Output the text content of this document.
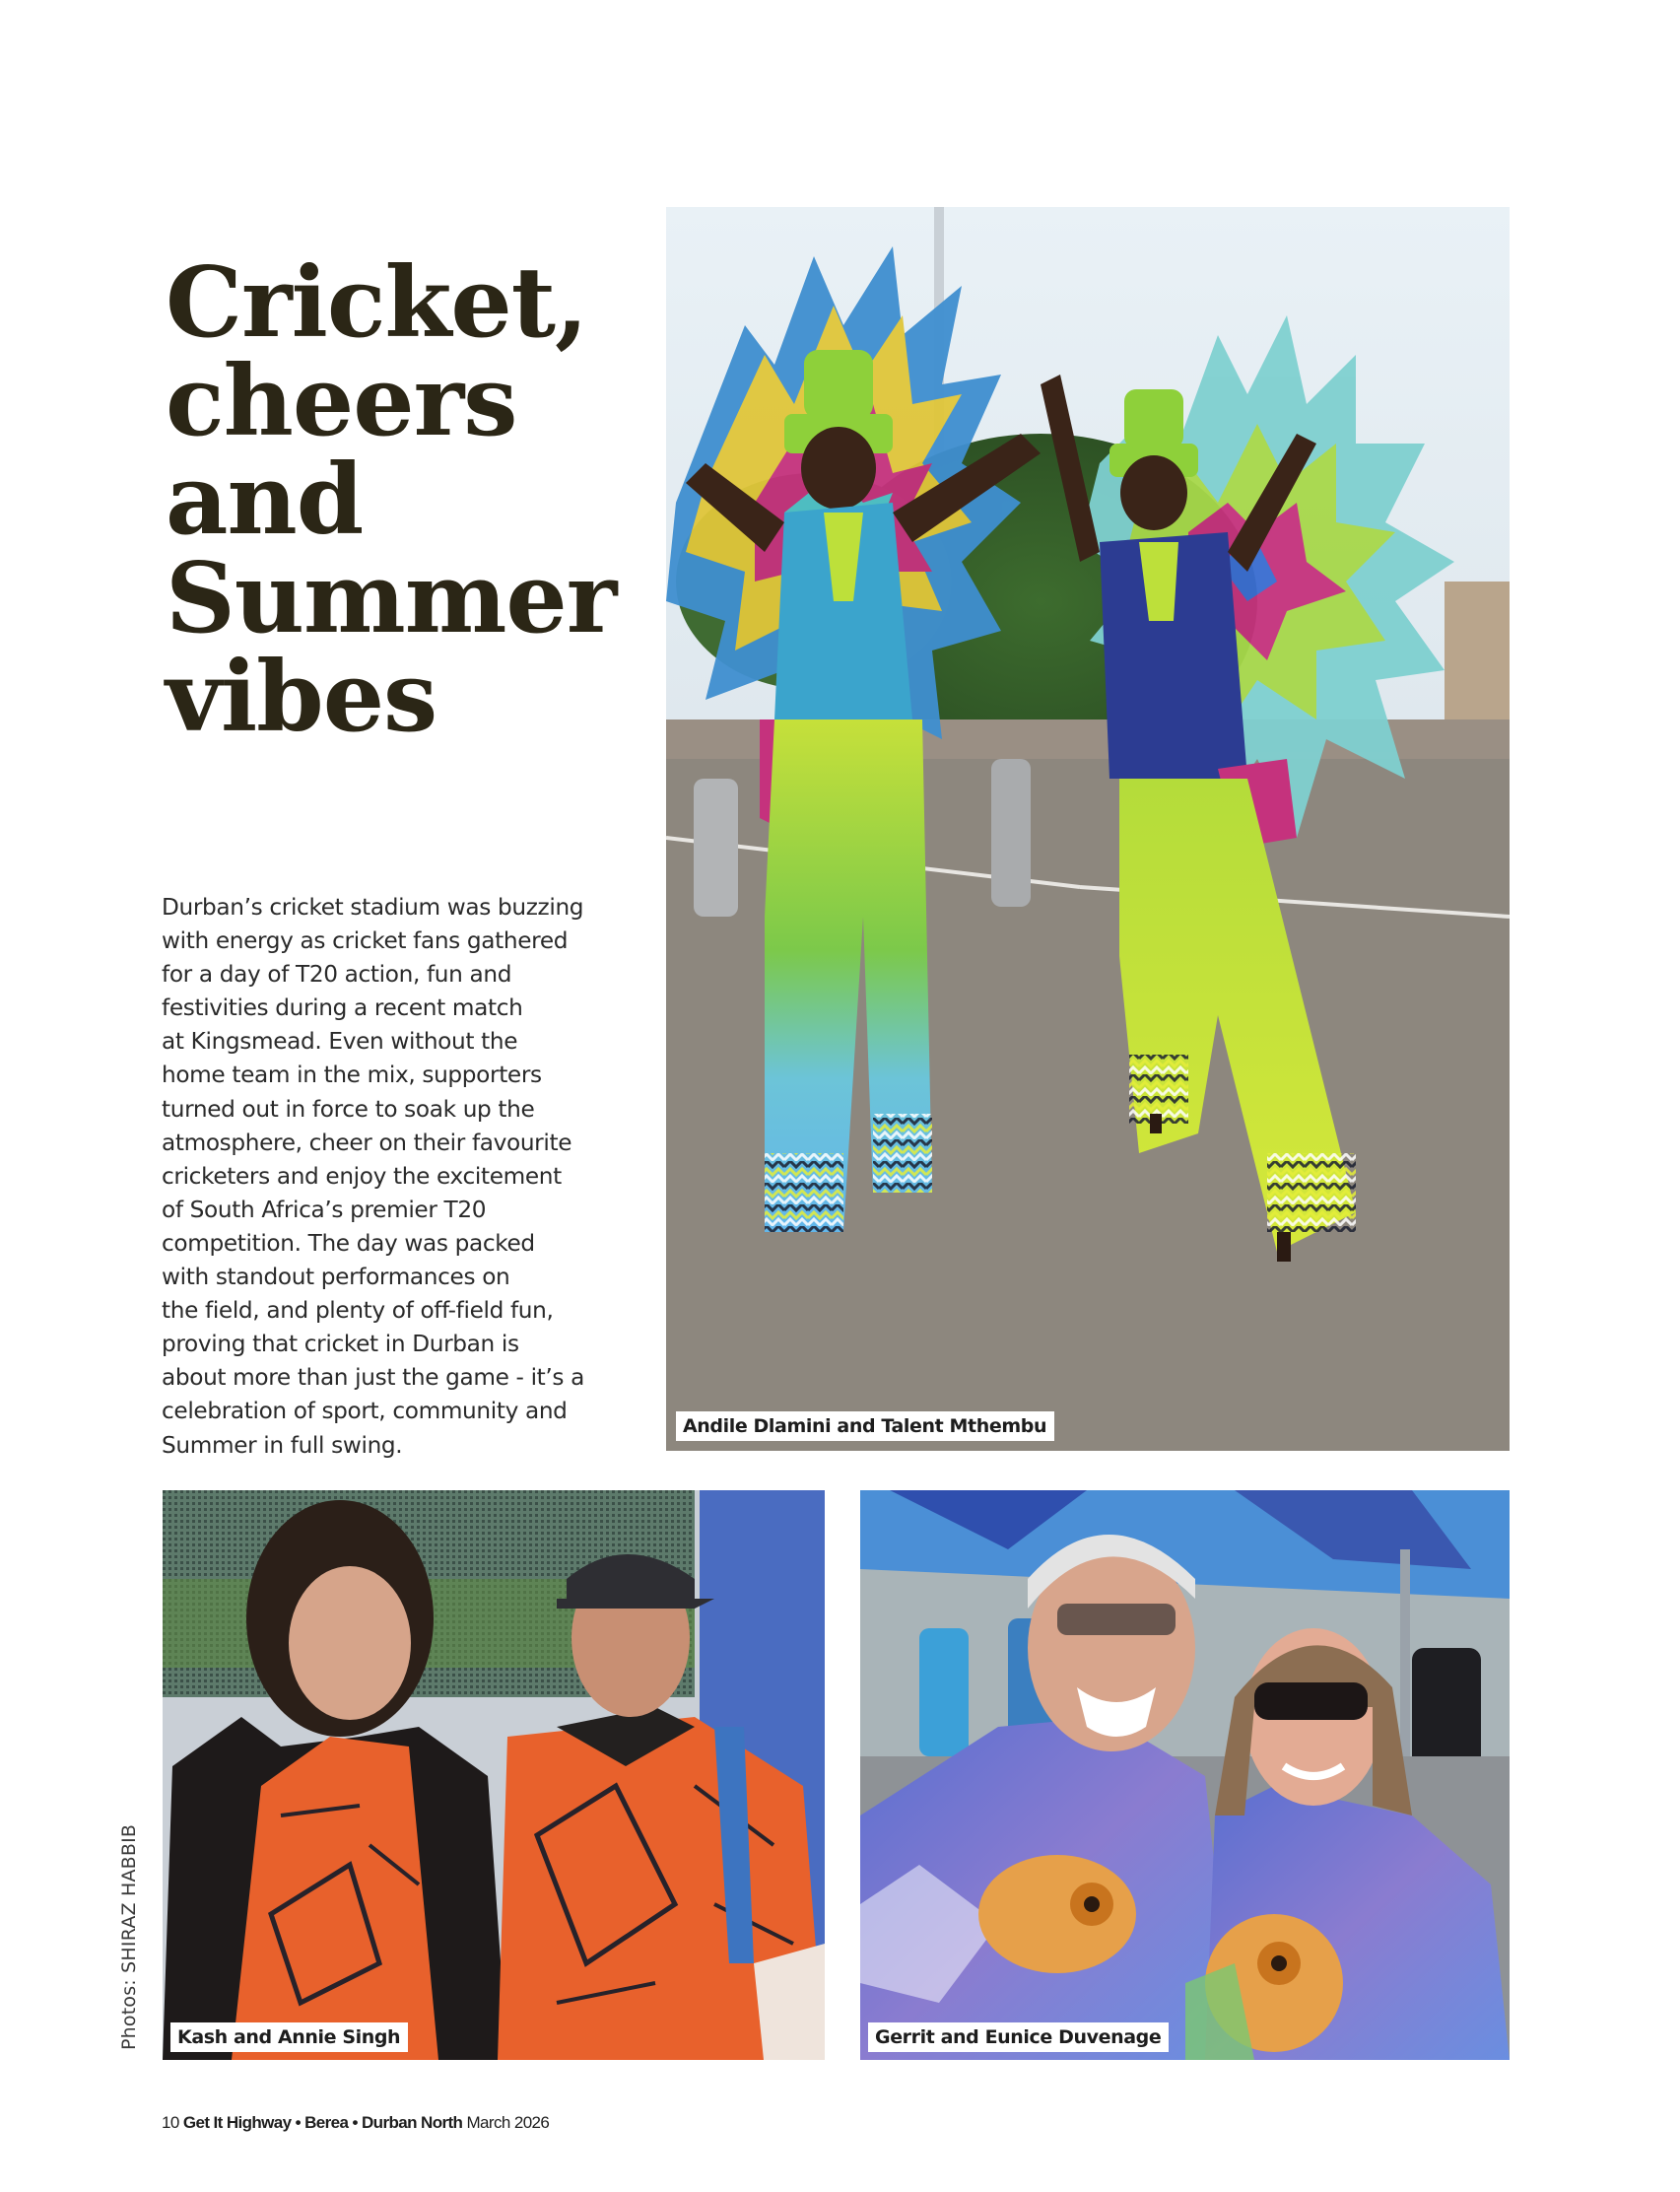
Cricket,
cheers
and
Summer
vibes
Durban’s cricket stadium was buzzing
with energy as cricket fans gathered
for a day of T20 action, fun and
festivities during a recent match
at Kingsmead. Even without the
home team in the mix, supporters
turned out in force to soak up the
atmosphere, cheer on their favourite
cricketers and enjoy the excitement
of South Africa’s premier T20
competition. The day was packed
with standout performances on
the field, and plenty of off-field fun,
proving that cricket in Durban is
about more than just the game - it’s a
celebration of sport, community and
Summer in full swing.
Andile Dlamini and Talent Mthembu
Kash and Annie Singh	Gerrit and Eunice Duvenage
Photos: SHIRAZ HABBIB
10 Get It Highway • Berea • Durban North March 2026
